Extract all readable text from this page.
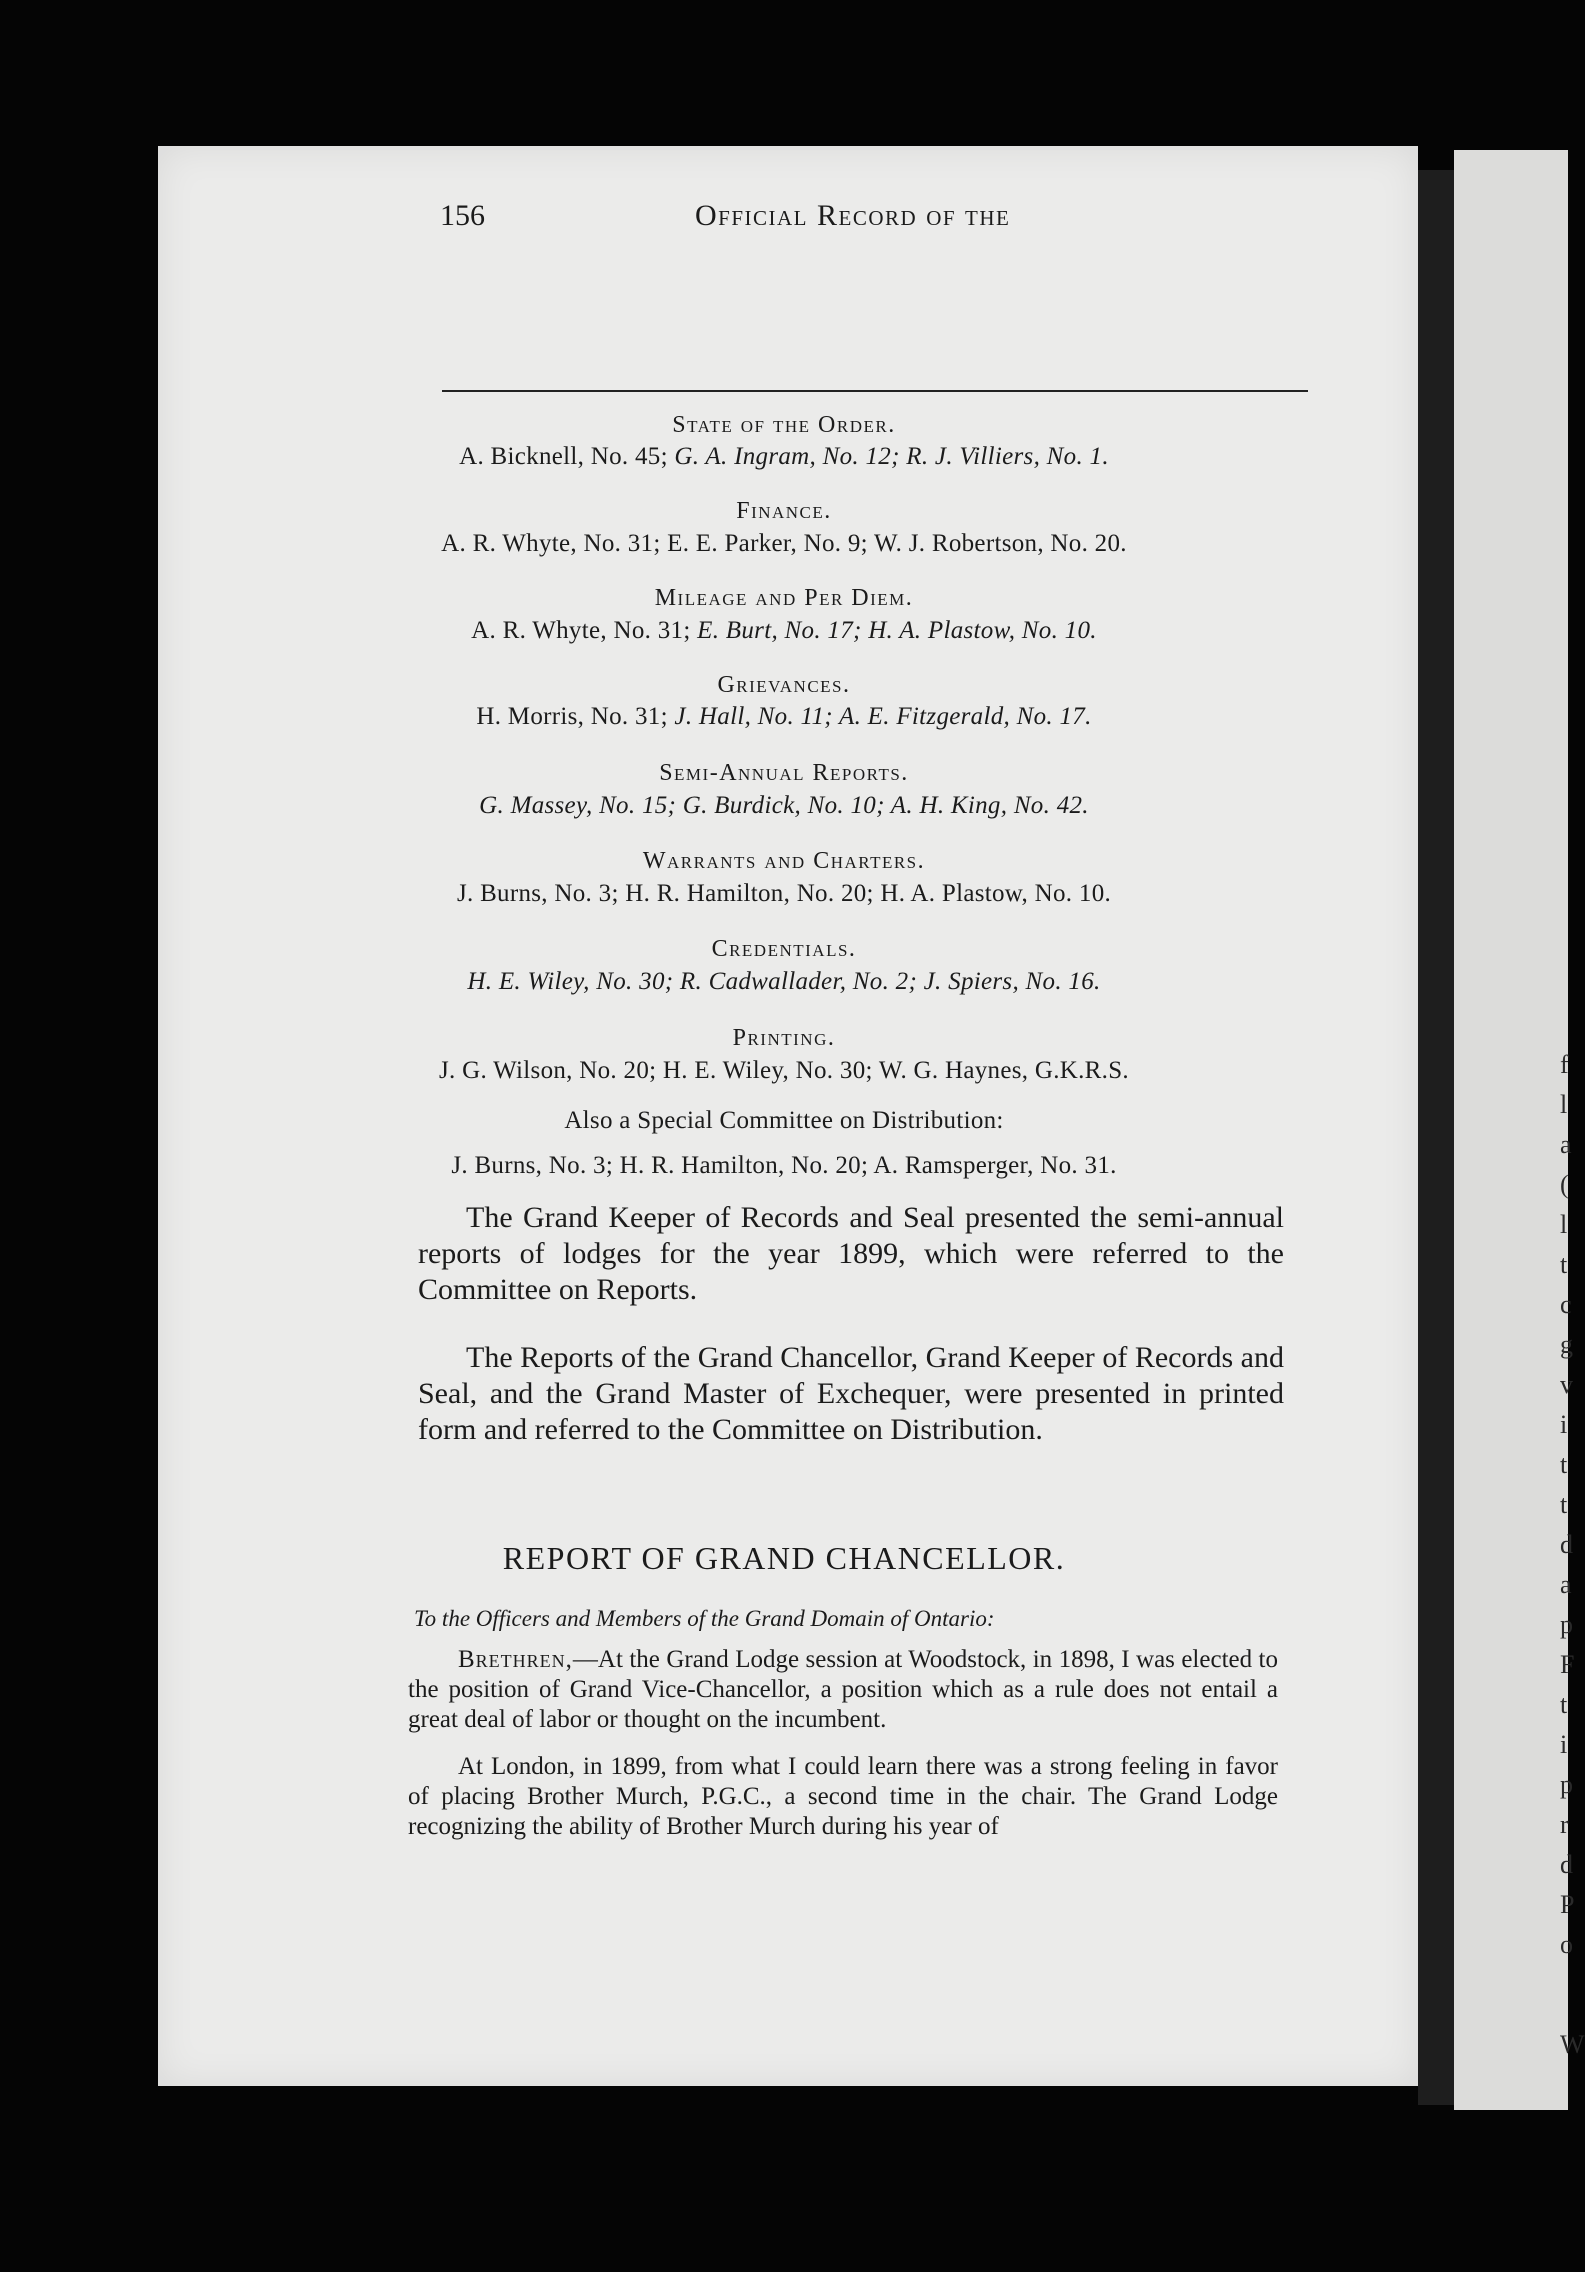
f
l
a
(
l
t
c
g
v
i
t
t
d
a
p
F
t
i
p
r
d
P
o
W
156	Official Record of the
State of the Order.
A. Bicknell, No. 45; G. A. Ingram, No. 12; R. J. Villiers, No. 1.
Finance.
A. R. Whyte, No. 31; E. E. Parker, No. 9; W. J. Robertson, No. 20.
Mileage and Per Diem.
A. R. Whyte, No. 31; E. Burt, No. 17; H. A. Plastow, No. 10.
Grievances.
H. Morris, No. 31; J. Hall, No. 11; A. E. Fitzgerald, No. 17.
Semi-Annual Reports.
G. Massey, No. 15; G. Burdick, No. 10; A. H. King, No. 42.
Warrants and Charters.
J. Burns, No. 3; H. R. Hamilton, No. 20; H. A. Plastow, No. 10.
Credentials.
H. E. Wiley, No. 30; R. Cadwallader, No. 2; J. Spiers, No. 16.
Printing.
J. G. Wilson, No. 20; H. E. Wiley, No. 30; W. G. Haynes, G.K.R.S.
Also a Special Committee on Distribution:
J. Burns, No. 3; H. R. Hamilton, No. 20; A. Ramsperger, No. 31.
The Grand Keeper of Records and Seal presented the semi-annual reports of lodges for the year 1899, which were referred to the Committee on Reports.
The Reports of the Grand Chancellor, Grand Keeper of Records and Seal, and the Grand Master of Exchequer, were presented in printed form and referred to the Committee on Distribution.
REPORT OF GRAND CHANCELLOR.
To the Officers and Members of the Grand Domain of Ontario:
Brethren,—At the Grand Lodge session at Woodstock, in 1898, I was elected to the position of Grand Vice-Chancellor, a position which as a rule does not entail a great deal of labor or thought on the incumbent.
At London, in 1899, from what I could learn there was a strong feeling in favor of placing Brother Murch, P.G.C., a second time in the chair. The Grand Lodge recognizing the ability of Brother Murch during his year of
